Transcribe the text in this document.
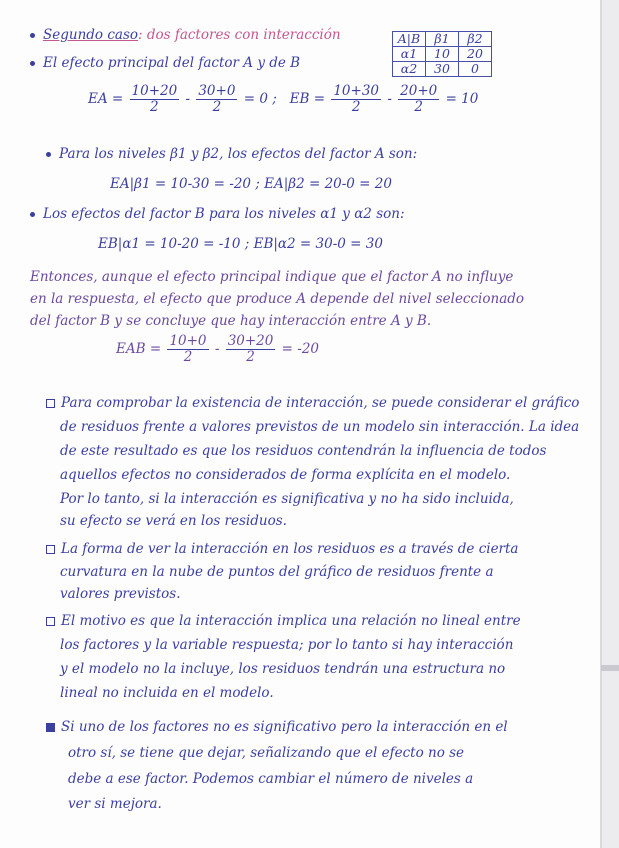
Segundo caso: dos factores con interacción
El efecto principal del factor A y de B
A|B	β1	β2
α1	10	20
α2	30	0
EA = $\frac{10+20}{2} - \frac{30+0}{2} = 0$ ; EB = $\frac{10+30}{2} - \frac{20+0}{2} = 10$
Para los niveles β1 y β2, los efectos del factor A son:
EA|β1 = 10-30 = -20 ; EA|β2 = 20-0 = 20
Los efectos del factor B para los niveles α1 y α2 son:
EB|α1 = 10-20 = -10 ; EB|α2 = 30-0 = 30
Entonces, aunque el efecto principal indique que el factor A no influye
en la respuesta, el efecto que produce A depende del nivel seleccionado
del factor B y se concluye que hay interacción entre A y B.
EAB = $\frac{10+0}{2} - \frac{30+20}{2} = -20$
Para comprobar la existencia de interacción, se puede considerar el gráfico
de residuos frente a valores previstos de un modelo sin interacción. La idea
de este resultado es que los residuos contendrán la influencia de todos
aquellos efectos no considerados de forma explícita en el modelo.
Por lo tanto, si la interacción es significativa y no ha sido incluida,
su efecto se verá en los residuos.
La forma de ver la interacción en los residuos es a través de cierta
curvatura en la nube de puntos del gráfico de residuos frente a
valores previstos.
El motivo es que la interacción implica una relación no lineal entre
los factores y la variable respuesta; por lo tanto si hay interacción
y el modelo no la incluye, los residuos tendrán una estructura no
lineal no incluida en el modelo.
Si uno de los factores no es significativo pero la interacción en el
otro sí, se tiene que dejar, señalizando que el efecto no se
debe a ese factor. Podemos cambiar el número de niveles a
ver si mejora.
